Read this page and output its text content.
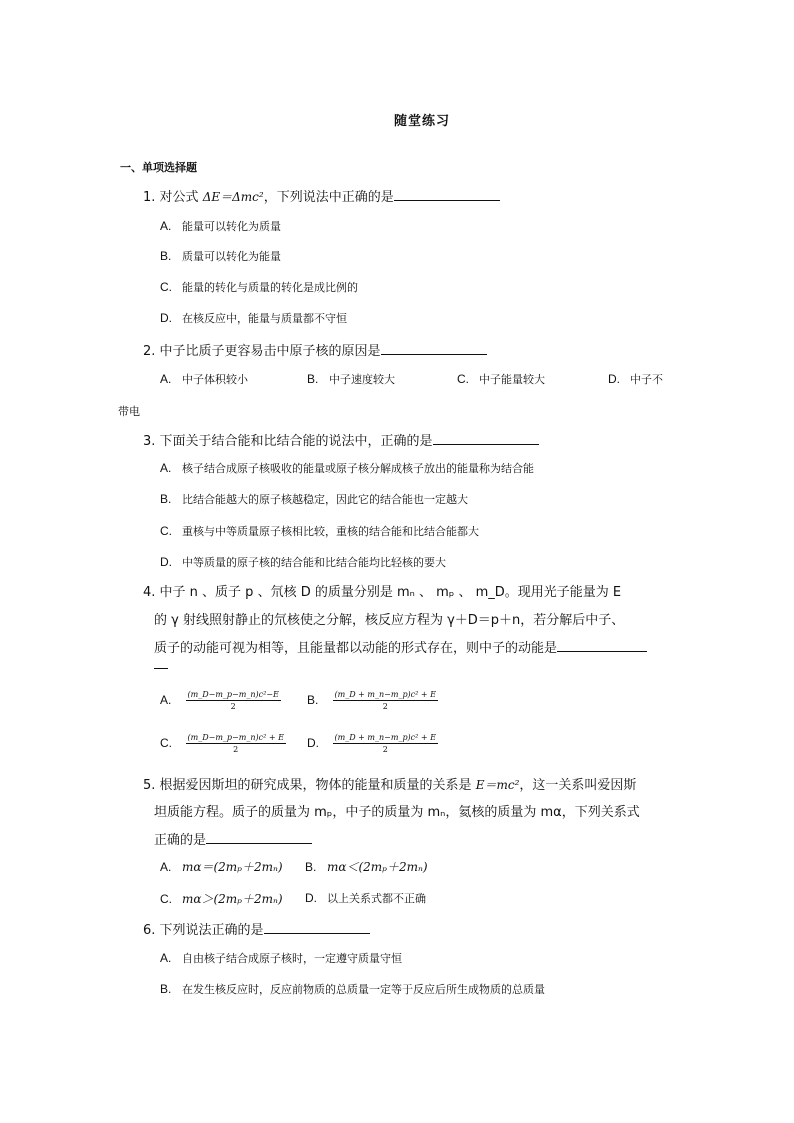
随堂练习
一、单项选择题
1. 对公式 ΔE＝Δmc²，下列说法中正确的是
A. 能量可以转化为质量
B. 质量可以转化为能量
C. 能量的转化与质量的转化是成比例的
D. 在核反应中，能量与质量都不守恒
2. 中子比质子更容易击中原子核的原因是
A. 中子体积较小	B. 中子速度较大	C. 中子能量较大	D. 中子不
带电
3. 下面关于结合能和比结合能的说法中，正确的是
A. 核子结合成原子核吸收的能量或原子核分解成核子放出的能量称为结合能
B. 比结合能越大的原子核越稳定，因此它的结合能也一定越大
C. 重核与中等质量原子核相比较，重核的结合能和比结合能都大
D. 中等质量的原子核的结合能和比结合能均比轻核的要大
4. 中子 n 、质子 p 、氘核 D 的质量分别是 mₙ 、 mₚ 、 m_D。现用光子能量为 E
的 γ 射线照射静止的氘核使之分解，核反应方程为 γ＋D＝p＋n，若分解后中子、
质子的动能可视为相等，且能量都以动能的形式存在，则中子的动能是
A. $\frac{\text{(m\_D−m\_p−m\_n)c²−E}}{2} B$. $\frac{\text{(m\_D + m\_n−m\_p)c² + E}}{2}$
C. $\frac{\text{(m\_D−m\_p−m\_n)c² + E}}{2} D$. $\frac{\text{(m\_D + m\_n−m\_p)c² + E}}{2}$
5. 根据爱因斯坦的研究成果，物体的能量和质量的关系是 E＝mc²，这一关系叫爱因斯
坦质能方程。质子的质量为 mₚ，中子的质量为 mₙ，氦核的质量为 mα，下列关系式
正确的是
A. mα＝(2mₚ＋2mₙ) B. mα＜(2mₚ＋2mₙ)
C. mα＞(2mₚ＋2mₙ) D. 以上关系式都不正确
6. 下列说法正确的是
A. 自由核子结合成原子核时，一定遵守质量守恒
B. 在发生核反应时，反应前物质的总质量一定等于反应后所生成物质的总质量
